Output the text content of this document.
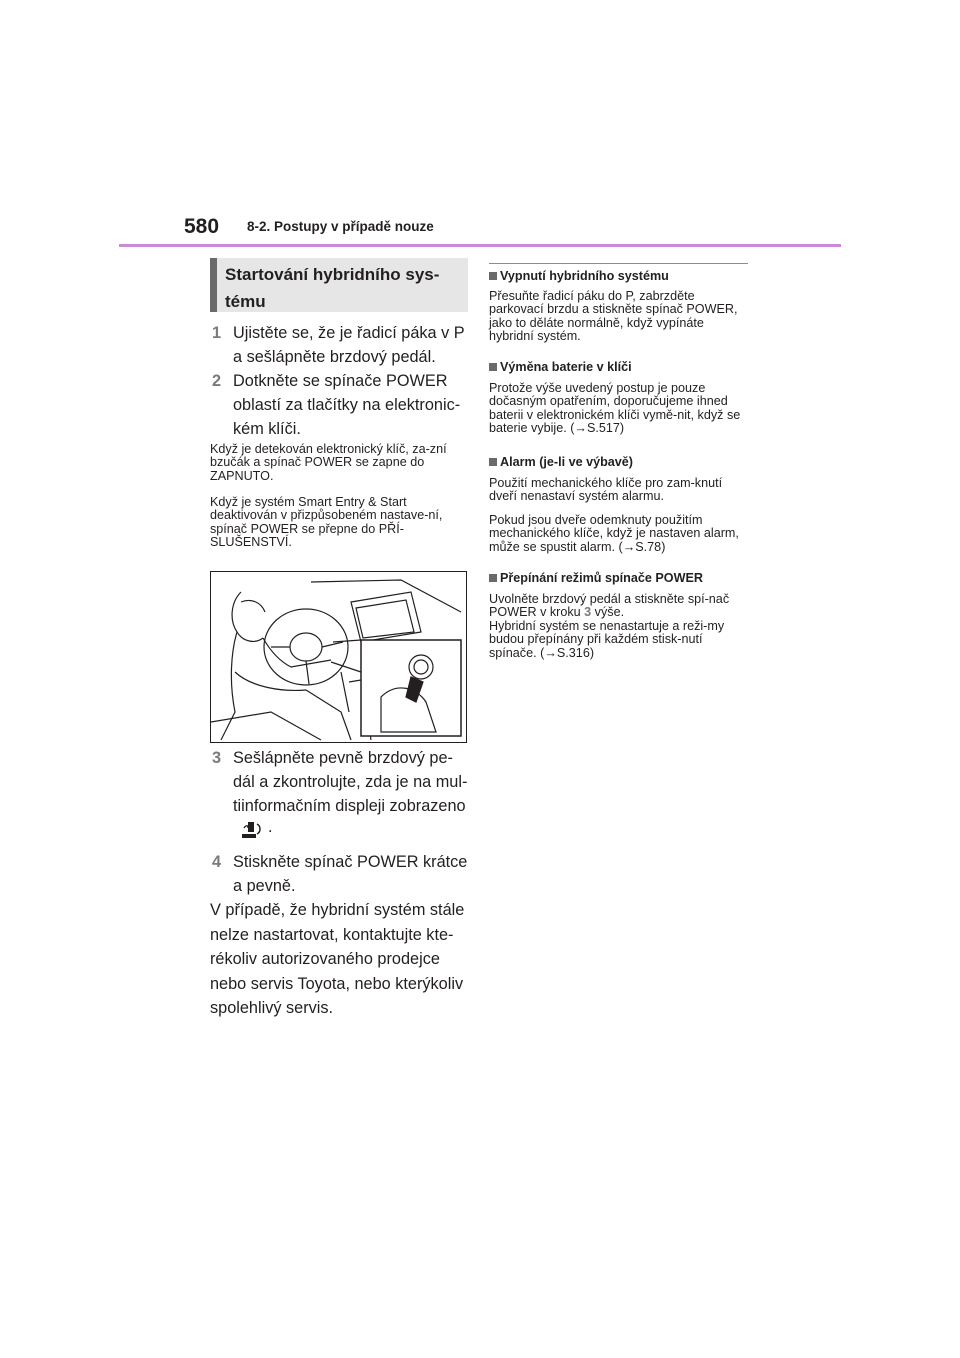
580 8-2. Postupy v případě nouze
Startování hybridního sys-tému
1 Ujistěte se, že je řadicí páka v P a sešlápněte brzdový pedál.
2 Dotkněte se spínače POWER oblastí za tlačítky na elektronic-kém klíči.
Když je detekován elektronický klíč, za-zní bzučák a spínač POWER se zapne do ZAPNUTO.
Když je systém Smart Entry & Start deaktivován v přizpůsobeném nastave-ní, spínač POWER se přepne do PŘÍ-SLUŠENSTVÍ.
3 Sešlápněte pevně brzdový pe-dál a zkontrolujte, zda je na mul-tiinformačním displeji zobrazeno
.
4 Stiskněte spínač POWER krátce a pevně.
V případě, že hybridní systém stále nelze nastartovat, kontaktujte kte-rékoliv autorizovaného prodejce nebo servis Toyota, nebo kterýkoliv spolehlivý servis.
Vypnutí hybridního systému
Přesuňte řadicí páku do P, zabrzděte parkovací brzdu a stiskněte spínač POWER, jako to děláte normálně, když vypínáte hybridní systém.
Výměna baterie v klíči
Protože výše uvedený postup je pouze dočasným opatřením, doporučujeme ihned baterii v elektronickém klíči vymě-nit, když se baterie vybije. (→S.517)
Alarm (je-li ve výbavě)
Použití mechanického klíče pro zam-knutí dveří nenastaví systém alarmu.
Pokud jsou dveře odemknuty použitím mechanického klíče, když je nastaven alarm, může se spustit alarm. (→S.78)
Přepínání režimů spínače POWER
Uvolněte brzdový pedál a stiskněte spí-nač POWER v kroku 3 výše.
Hybridní systém se nenastartuje a reži-my budou přepínány při každém stisk-nutí spínače. (→S.316)
